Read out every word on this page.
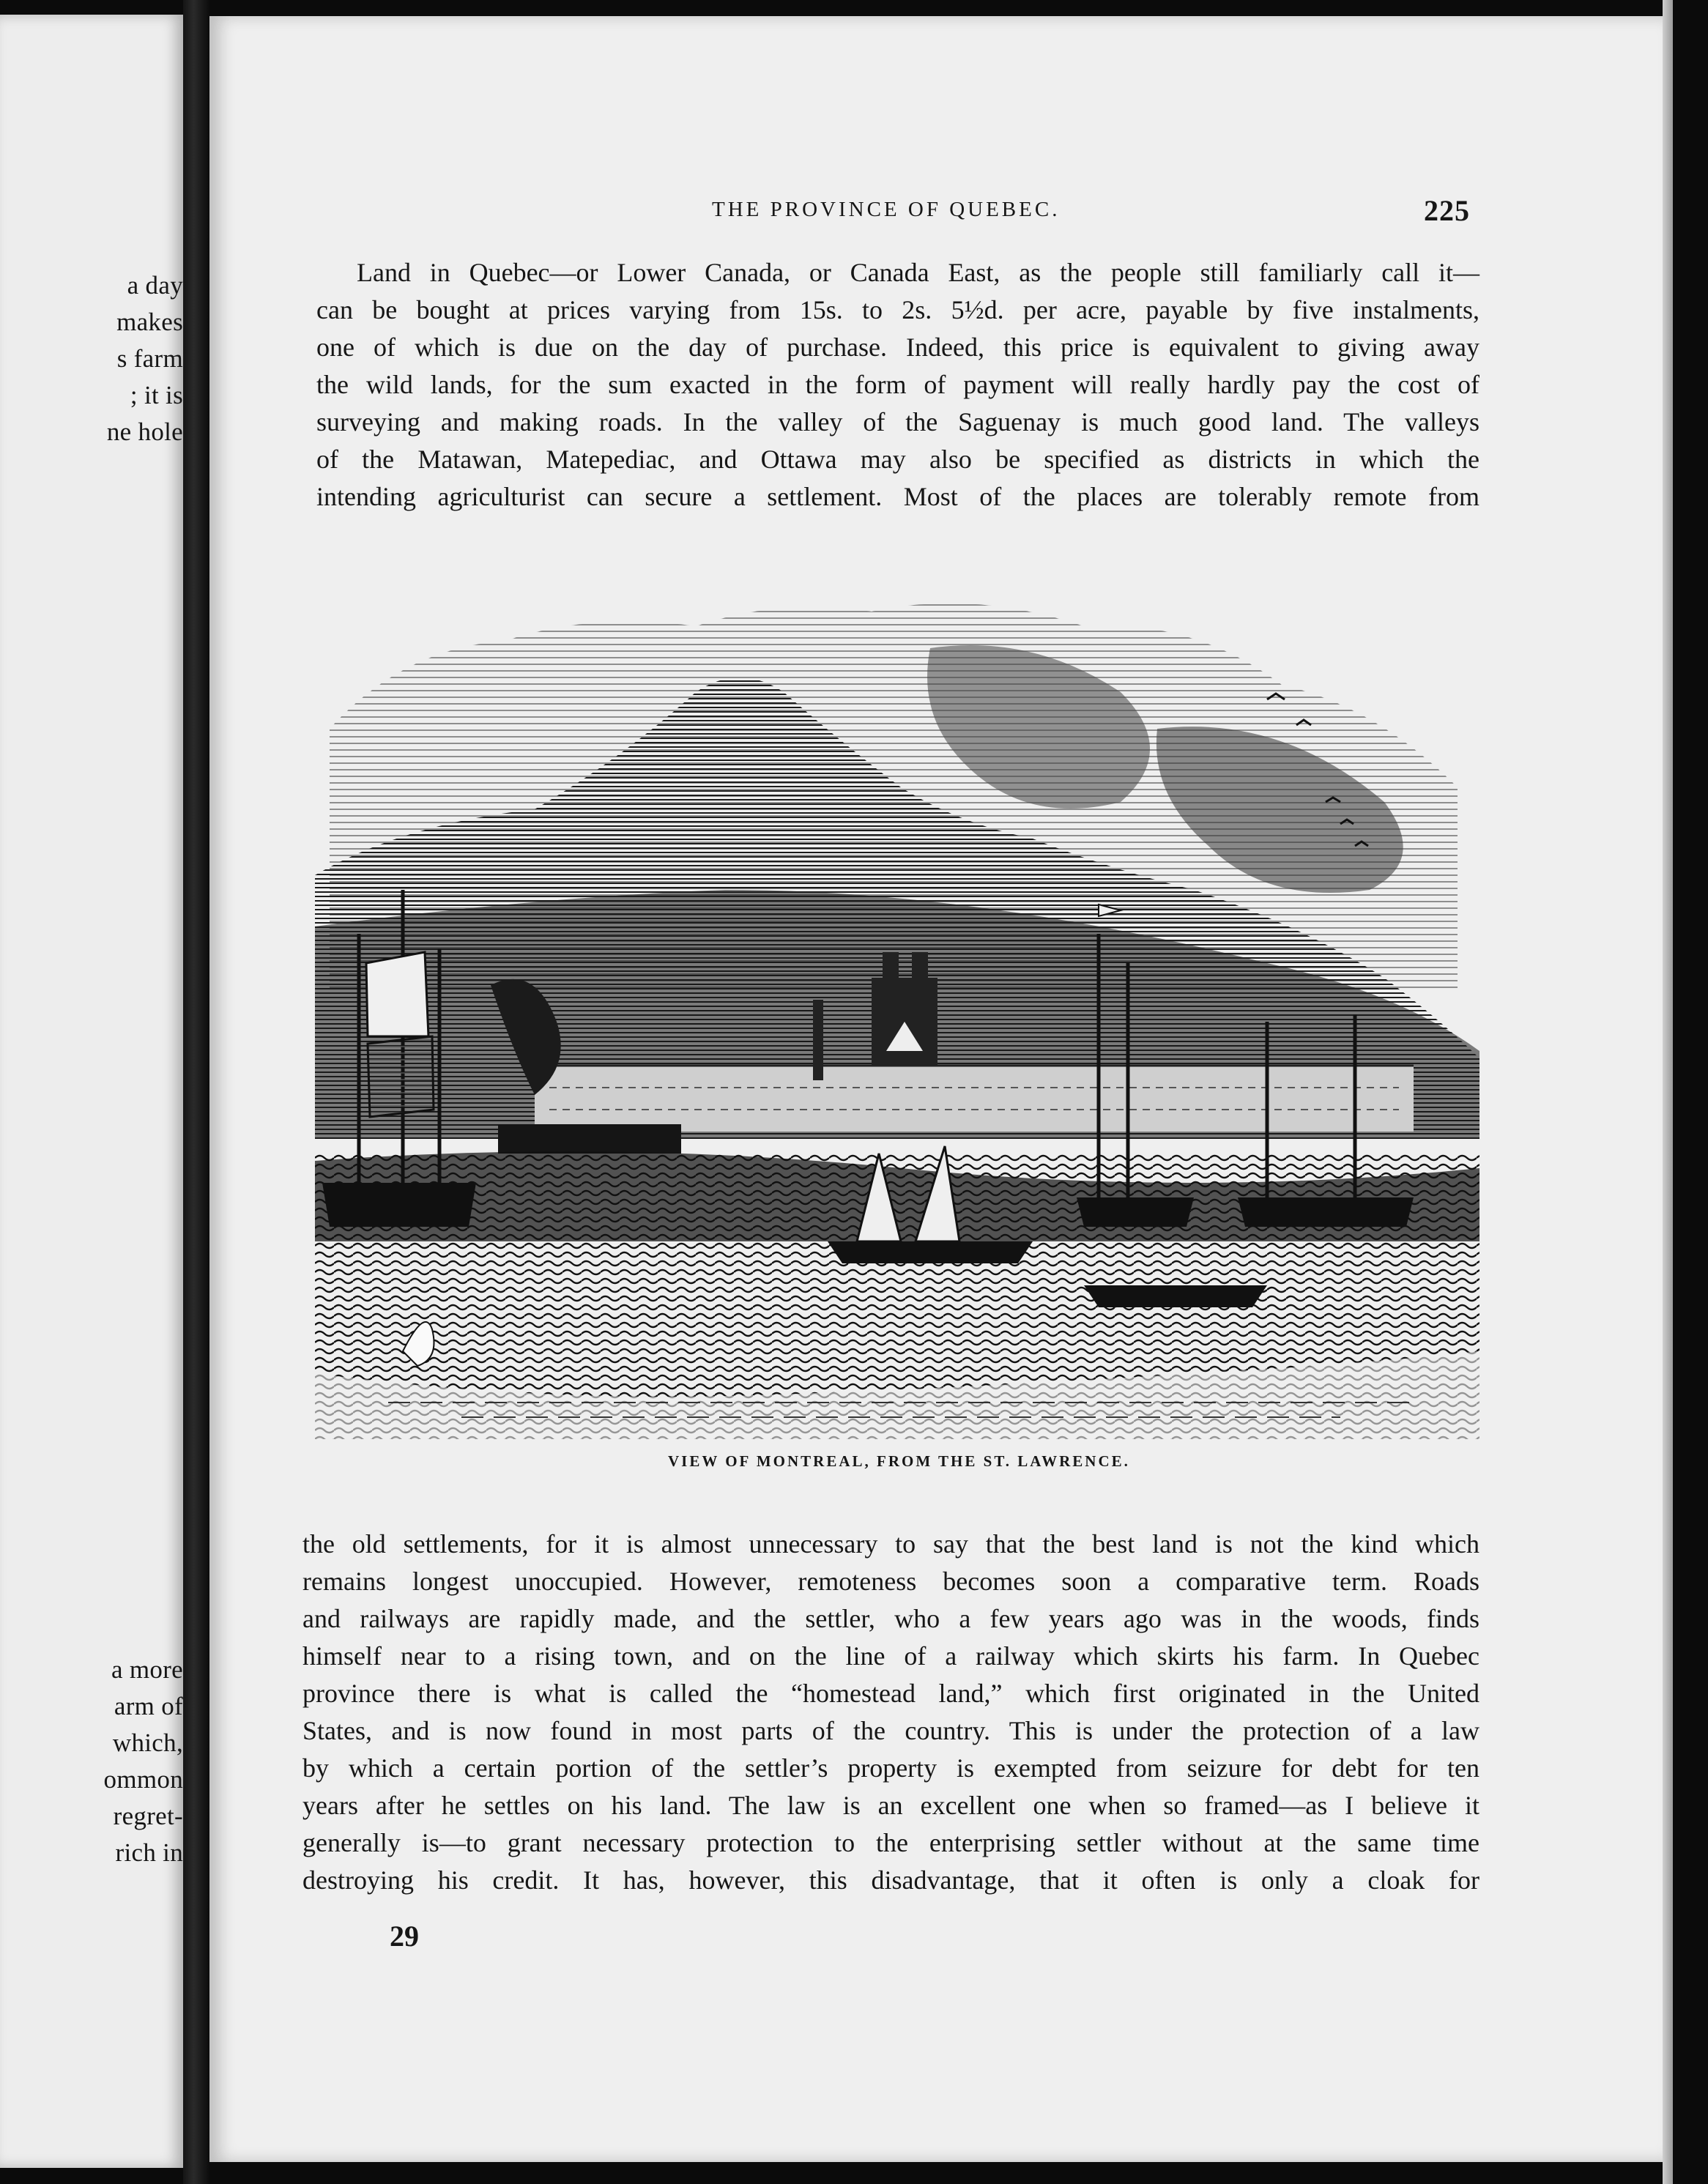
a day
makes
s farm
; it is
ne hole
a more
arm of
which,
ommon
regret-
rich in
THE PROVINCE OF QUEBEC.	225

Land in Quebec—or Lower Canada, or Canada East, as the people still familiarly call it—
can be bought at prices varying from 15s. to 2s. 5½d. per acre, payable by five instalments,
one of which is due on the day of purchase. Indeed, this price is equivalent to giving away
the wild lands, for the sum exacted in the form of payment will really hardly pay the cost of
surveying and making roads. In the valley of the Saguenay is much good land. The valleys
of the Matawan, Matepediac, and Ottawa may also be specified as districts in which the
intending agriculturist can secure a settlement. Most of the places are tolerably remote from

VIEW OF MONTREAL, FROM THE ST. LAWRENCE.

the old settlements, for it is almost unnecessary to say that the best land is not the kind which
remains longest unoccupied. However, remoteness becomes soon a comparative term. Roads
and railways are rapidly made, and the settler, who a few years ago was in the woods, finds
himself near to a rising town, and on the line of a railway which skirts his farm. In Quebec
province there is what is called the “homestead land,” which first originated in the United
States, and is now found in most parts of the country. This is under the protection of a law
by which a certain portion of the settler’s property is exempted from seizure for debt for ten
years after he settles on his land. The law is an excellent one when so framed—as I believe it
generally is—to grant necessary protection to the enterprising settler without at the same time
destroying his credit. It has, however, this disadvantage, that it often is only a cloak for

29
